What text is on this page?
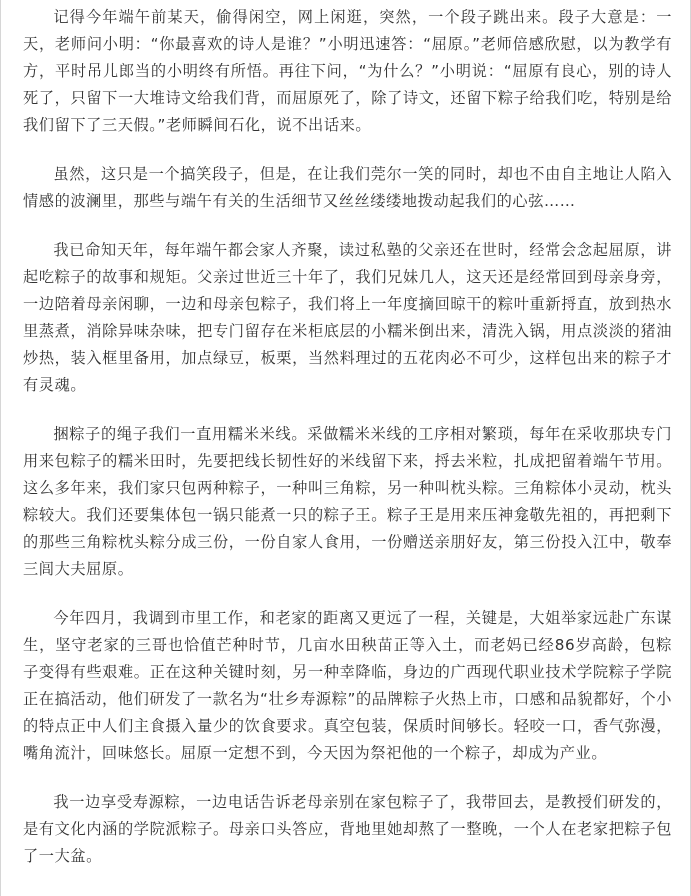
记得今年端午前某天，偷得闲空，网上闲逛，突然，一个段子跳出来。段子大意是：一天，老师问小明：“你最喜欢的诗人是谁？”小明迅速答：“屈原。”老师倍感欣慰，以为教学有方，平时吊儿郎当的小明终有所悟。再往下问，“为什么？”小明说：“屈原有良心，别的诗人死了，只留下一大堆诗文给我们背，而屈原死了，除了诗文，还留下粽子给我们吃，特别是给我们留下了三天假。”老师瞬间石化，说不出话来。

虽然，这只是一个搞笑段子，但是，在让我们莞尔一笑的同时，却也不由自主地让人陷入情感的波澜里，那些与端午有关的生活细节又丝丝缕缕地拨动起我们的心弦……

我已命知天年，每年端午都会家人齐聚，读过私塾的父亲还在世时，经常会念起屈原，讲起吃粽子的故事和规矩。父亲过世近三十年了，我们兄妹几人，这天还是经常回到母亲身旁，一边陪着母亲闲聊，一边和母亲包粽子，我们将上一年度摘回晾干的粽叶重新捋直，放到热水里蒸煮，消除异味杂味，把专门留存在米柜底层的小糯米倒出来，清洗入锅，用点淡淡的猪油炒热，装入框里备用，加点绿豆，板栗，当然料理过的五花肉必不可少，这样包出来的粽子才有灵魂。

捆粽子的绳子我们一直用糯米米线。采做糯米米线的工序相对繁琐，每年在采收那块专门用来包粽子的糯米田时，先要把线长韧性好的米线留下来，捋去米粒，扎成把留着端午节用。这么多年来，我们家只包两种粽子，一种叫三角粽，另一种叫枕头粽。三角粽体小灵动，枕头粽较大。我们还要集体包一锅只能煮一只的粽子王。粽子王是用来压神龛敬先祖的，再把剩下的那些三角粽枕头粽分成三份，一份自家人食用，一份赠送亲朋好友，第三份投入江中，敬奉三闾大夫屈原。

今年四月，我调到市里工作，和老家的距离又更远了一程，关键是，大姐举家远赴广东谋生，坚守老家的三哥也恰值芒种时节，几亩水田秧苗正等入土，而老妈已经86岁高龄，包粽子变得有些艰难。正在这种关键时刻，另一种幸降临，身边的广西现代职业技术学院粽子学院正在搞活动，他们研发了一款名为“壮乡寿源粽”的品牌粽子火热上市，口感和品貌都好，个小的特点正中人们主食摄入量少的饮食要求。真空包装，保质时间够长。轻咬一口，香气弥漫，嘴角流汁，回味悠长。屈原一定想不到，今天因为祭祀他的一个粽子，却成为产业。

我一边享受寿源粽，一边电话告诉老母亲别在家包粽子了，我带回去，是教授们研发的，是有文化内涵的学院派粽子。母亲口头答应，背地里她却熬了一整晚，一个人在老家把粽子包了一大盆。
